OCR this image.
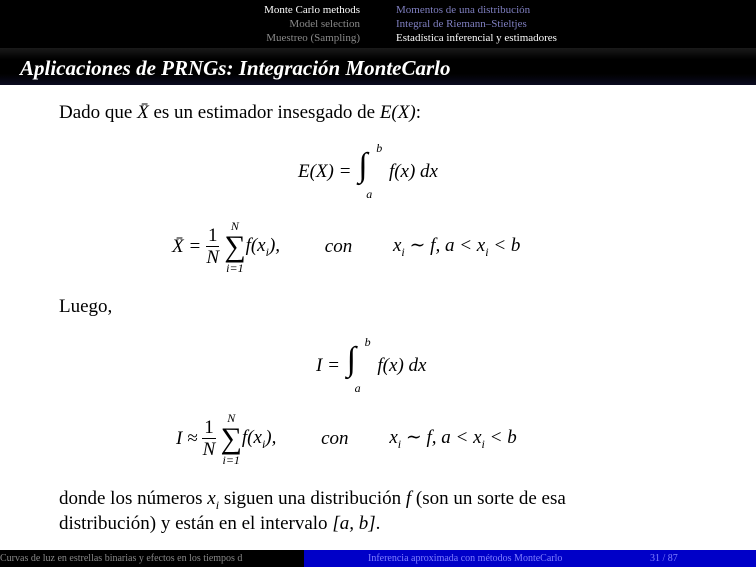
Monte Carlo methods
Model selection
Muestreo (Sampling)
Momentos de una distribución
Integral de Riemann–Stieltjes
Estadística inferencial y estimadores
Aplicaciones de PRNGs: Integración MonteCarlo
Dado que X̄ es un estimador insesgado de E(X):
E(X) = ∫ b
a
f(x) dx
X̄ = $\frac{1}{N}$
N
∑
i=1
$f(x_i)$, con $x_i$ ∼ f, $a < x_i < b$
Luego,
I = ∫ b
a
f(x) dx
$I \approx \frac{1}{N}$
N
∑
i=1
$f(x_i)$, con $x_i$ ∼ f, $a < x_i < b$
donde los números $x_i$ siguen una distribución f (son un sorte de esa
distribución) y están en el intervalo [a, b].
Curvas de luz en estrellas binarias y efectos en los tiempos d	Inferencia aproximada con métodos MonteCarlo	31 / 87
